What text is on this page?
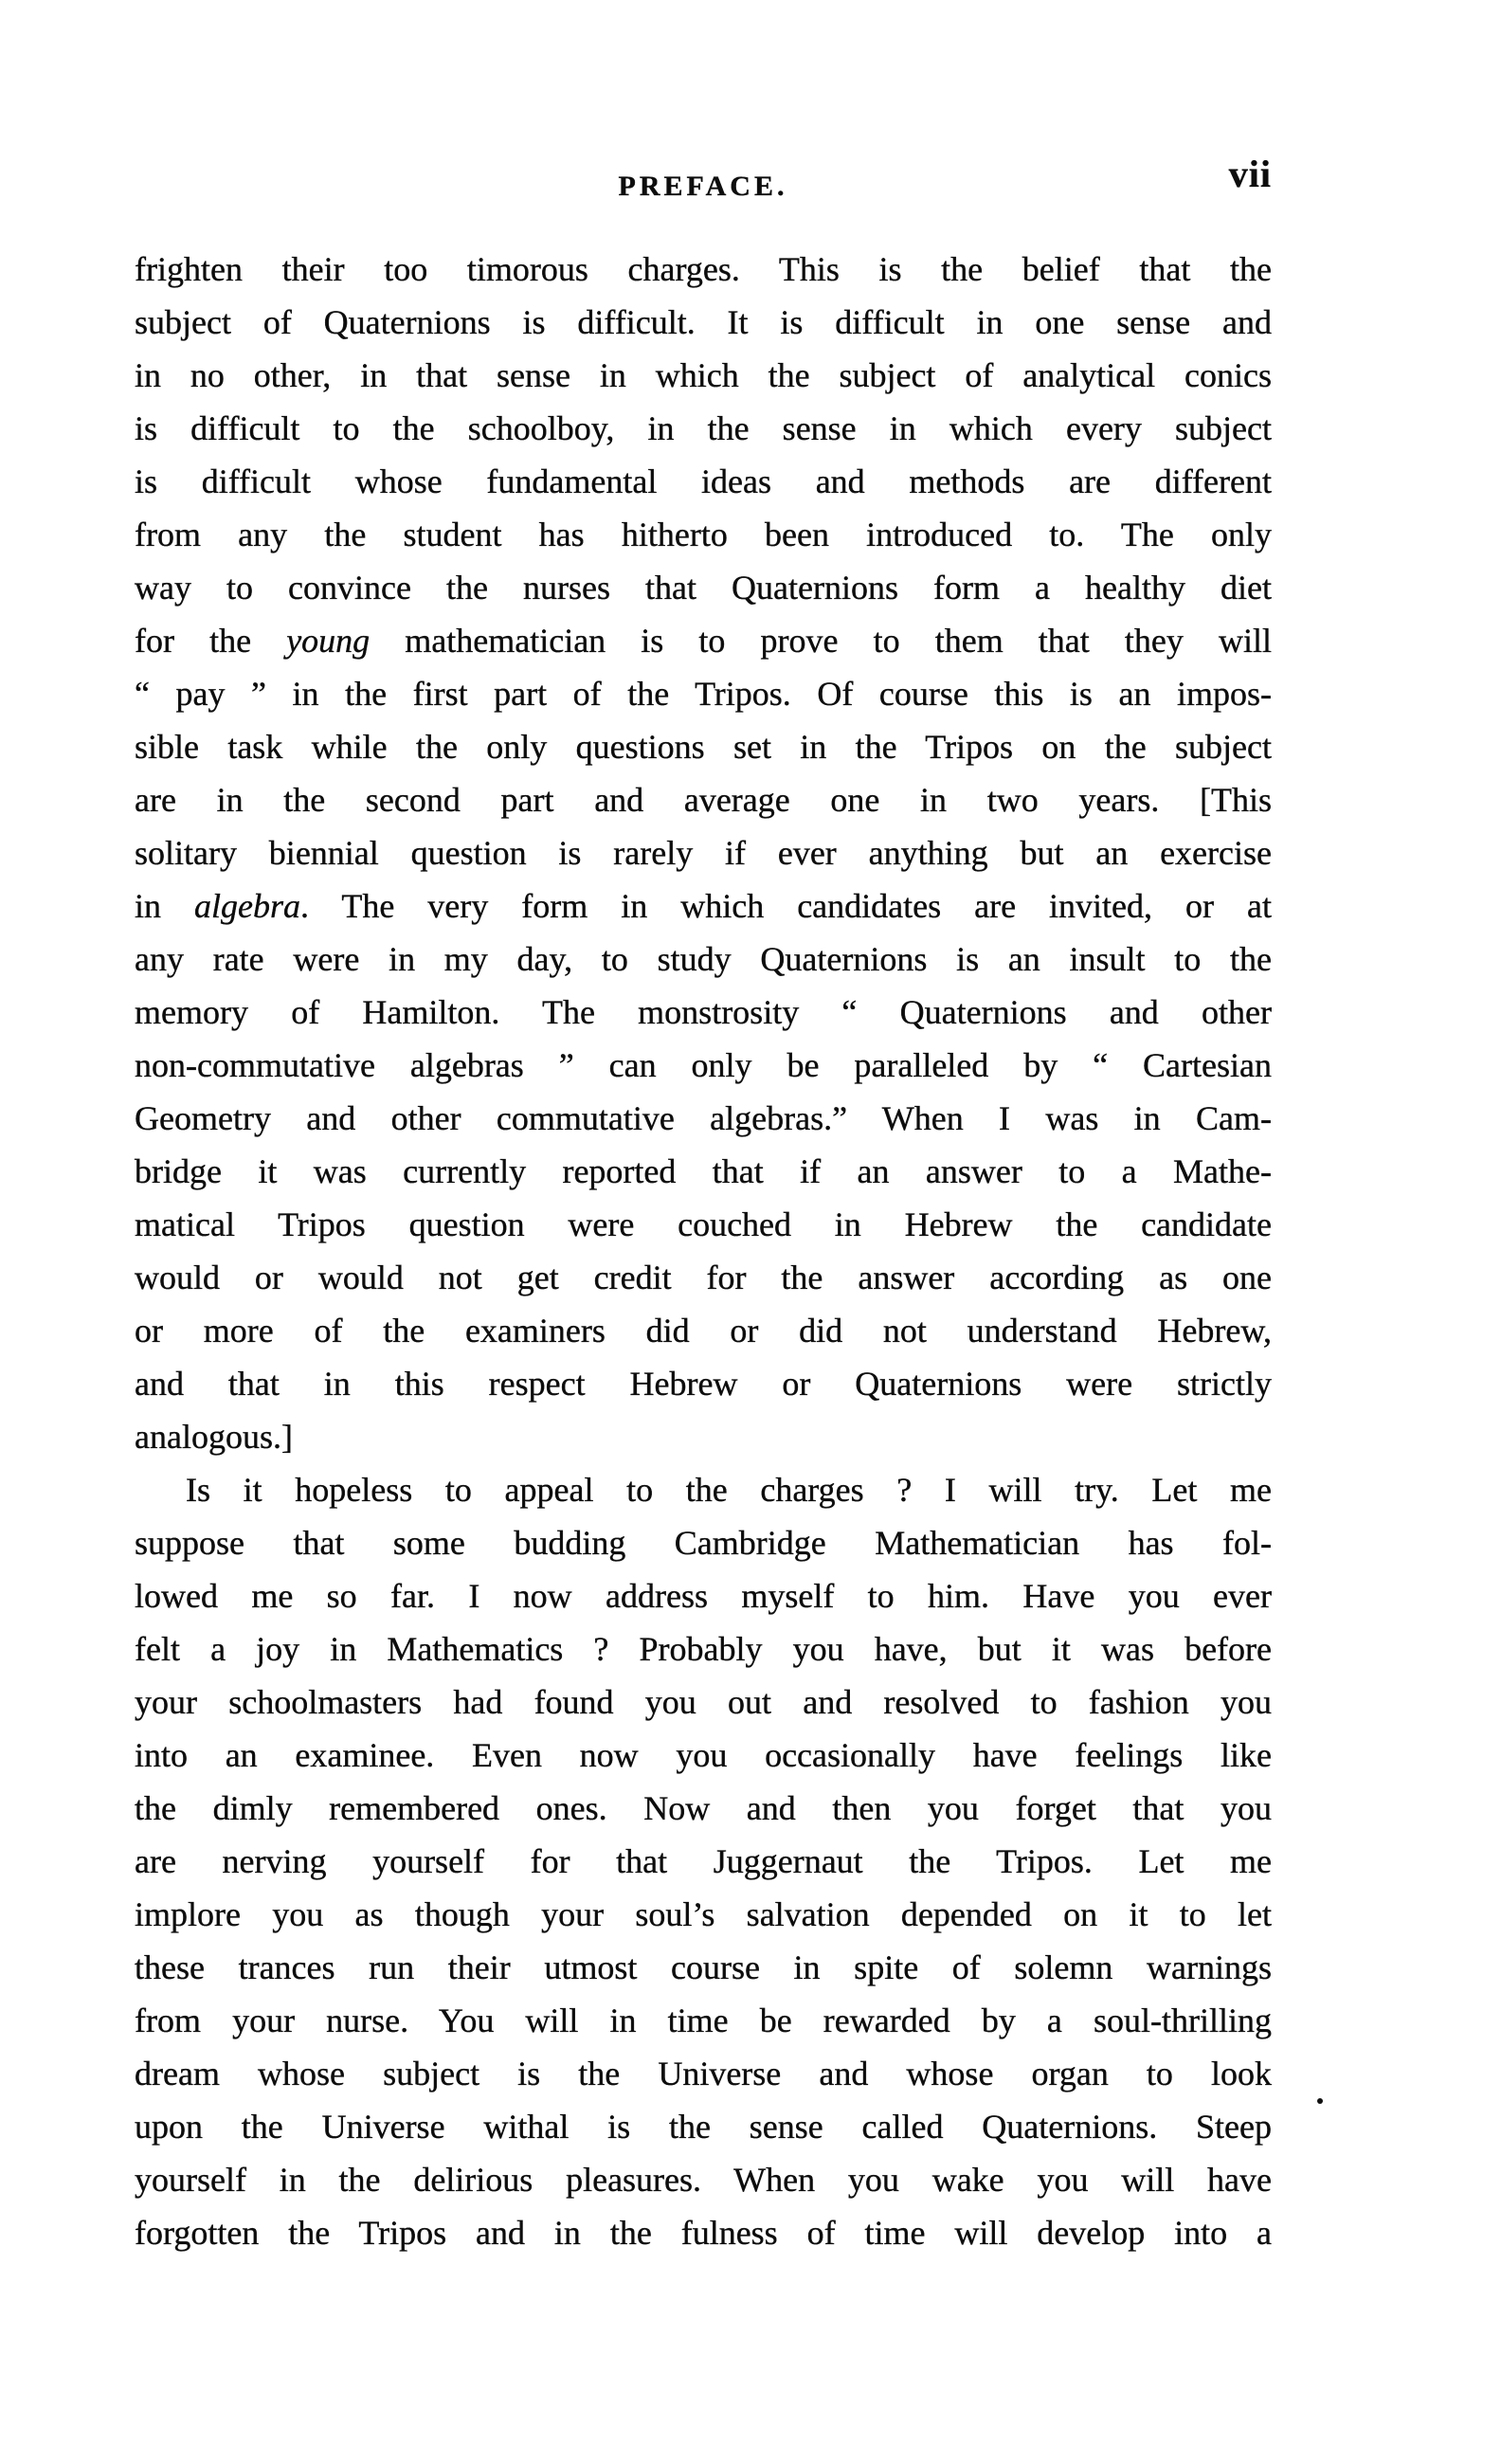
PREFACE.	vii
frighten their too timorous charges. This is the belief that the
subject of Quaternions is difficult. It is difficult in one sense and
in no other, in that sense in which the subject of analytical conics
is difficult to the schoolboy, in the sense in which every subject
is difficult whose fundamental ideas and methods are different
from any the student has hitherto been introduced to. The only
way to convince the nurses that Quaternions form a healthy diet
for the young mathematician is to prove to them that they will
“ pay ” in the first part of the Tripos. Of course this is an impos-
sible task while the only questions set in the Tripos on the subject
are in the second part and average one in two years. [This
solitary biennial question is rarely if ever anything but an exercise
in algebra. The very form in which candidates are invited, or at
any rate were in my day, to study Quaternions is an insult to the
memory of Hamilton. The monstrosity “ Quaternions and other
non-commutative algebras ” can only be paralleled by “ Cartesian
Geometry and other commutative algebras.” When I was in Cam-
bridge it was currently reported that if an answer to a Mathe-
matical Tripos question were couched in Hebrew the candidate
would or would not get credit for the answer according as one
or more of the examiners did or did not understand Hebrew,
and that in this respect Hebrew or Quaternions were strictly
analogous.]
Is it hopeless to appeal to the charges ? I will try. Let me
suppose that some budding Cambridge Mathematician has fol-
lowed me so far. I now address myself to him. Have you ever
felt a joy in Mathematics ? Probably you have, but it was before
your schoolmasters had found you out and resolved to fashion you
into an examinee. Even now you occasionally have feelings like
the dimly remembered ones. Now and then you forget that you
are nerving yourself for that Juggernaut the Tripos. Let me
implore you as though your soul’s salvation depended on it to let
these trances run their utmost course in spite of solemn warnings
from your nurse. You will in time be rewarded by a soul-thrilling
dream whose subject is the Universe and whose organ to look
upon the Universe withal is the sense called Quaternions. Steep
yourself in the delirious pleasures. When you wake you will have
forgotten the Tripos and in the fulness of time will develop into a
